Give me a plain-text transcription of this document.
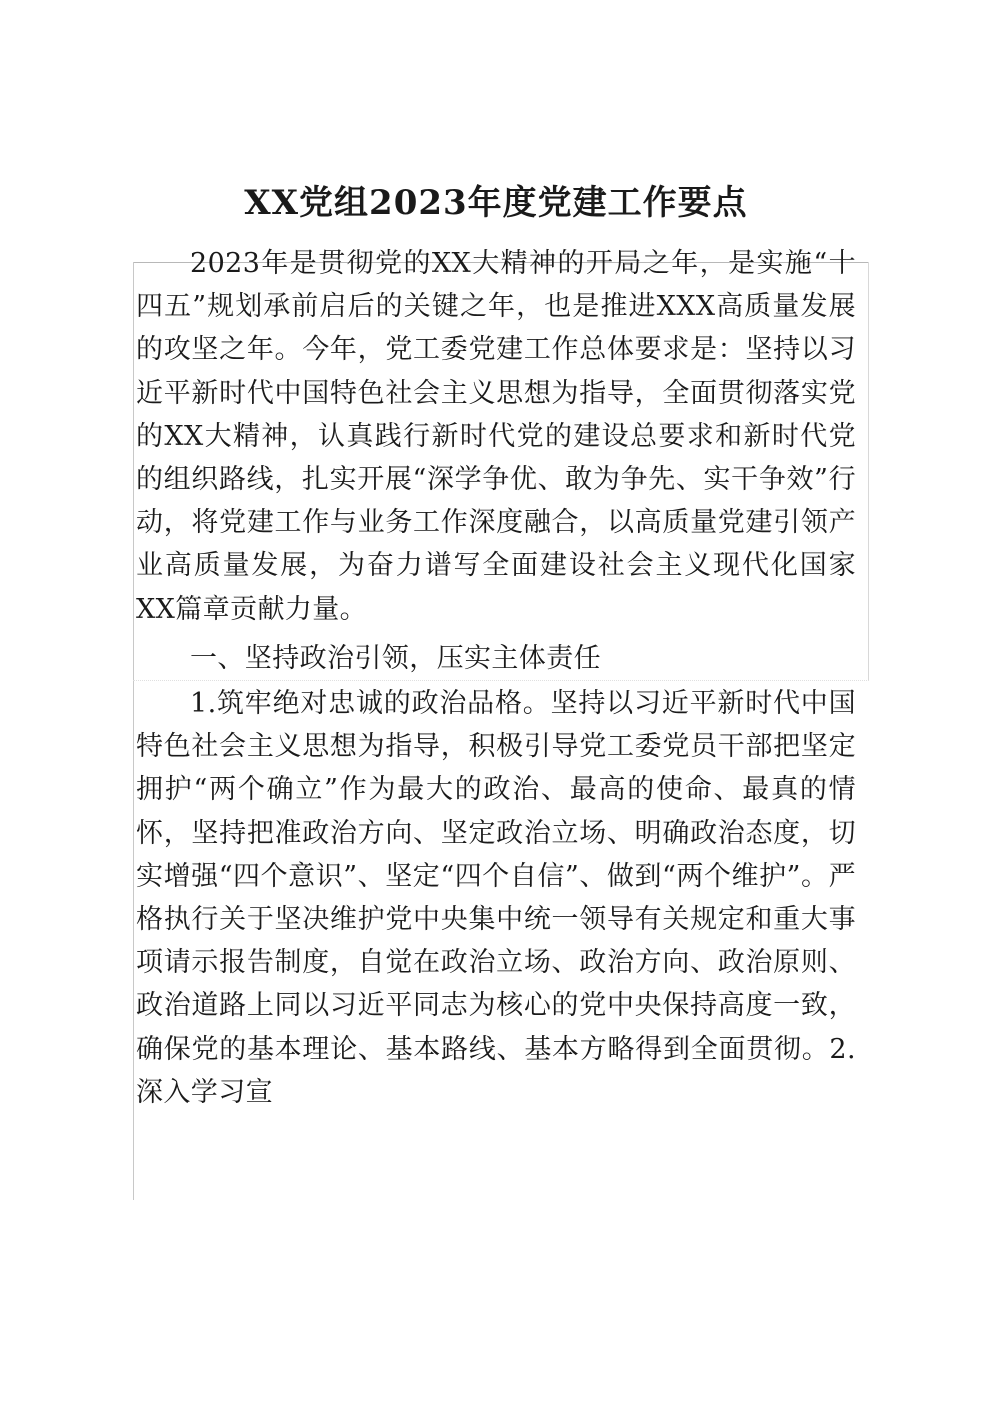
XX党组2023年度党建工作要点

2023年是贯彻党的XX大精神的开局之年，是实施“十四五”规划承前启后的关键之年，也是推进XXX高质量发展的攻坚之年。今年，党工委党建工作总体要求是：坚持以习近平新时代中国特色社会主义思想为指导，全面贯彻落实党的XX大精神，认真践行新时代党的建设总要求和新时代党的组织路线，扎实开展“深学争优、敢为争先、实干争效”行动，将党建工作与业务工作深度融合，以高质量党建引领产业高质量发展，为奋力谱写全面建设社会主义现代化国家XX篇章贡献力量。

一、坚持政治引领，压实主体责任

1.筑牢绝对忠诚的政治品格。坚持以习近平新时代中国特色社会主义思想为指导，积极引导党工委党员干部把坚定拥护“两个确立”作为最大的政治、最高的使命、最真的情怀，坚持把准政治方向、坚定政治立场、明确政治态度，切实增强“四个意识”、坚定“四个自信”、做到“两个维护”。严格执行关于坚决维护党中央集中统一领导有关规定和重大事项请示报告制度，自觉在政治立场、政治方向、政治原则、政治道路上同以习近平同志为核心的党中央保持高度一致，确保党的基本理论、基本路线、基本方略得到全面贯彻。2.深入学习宣
